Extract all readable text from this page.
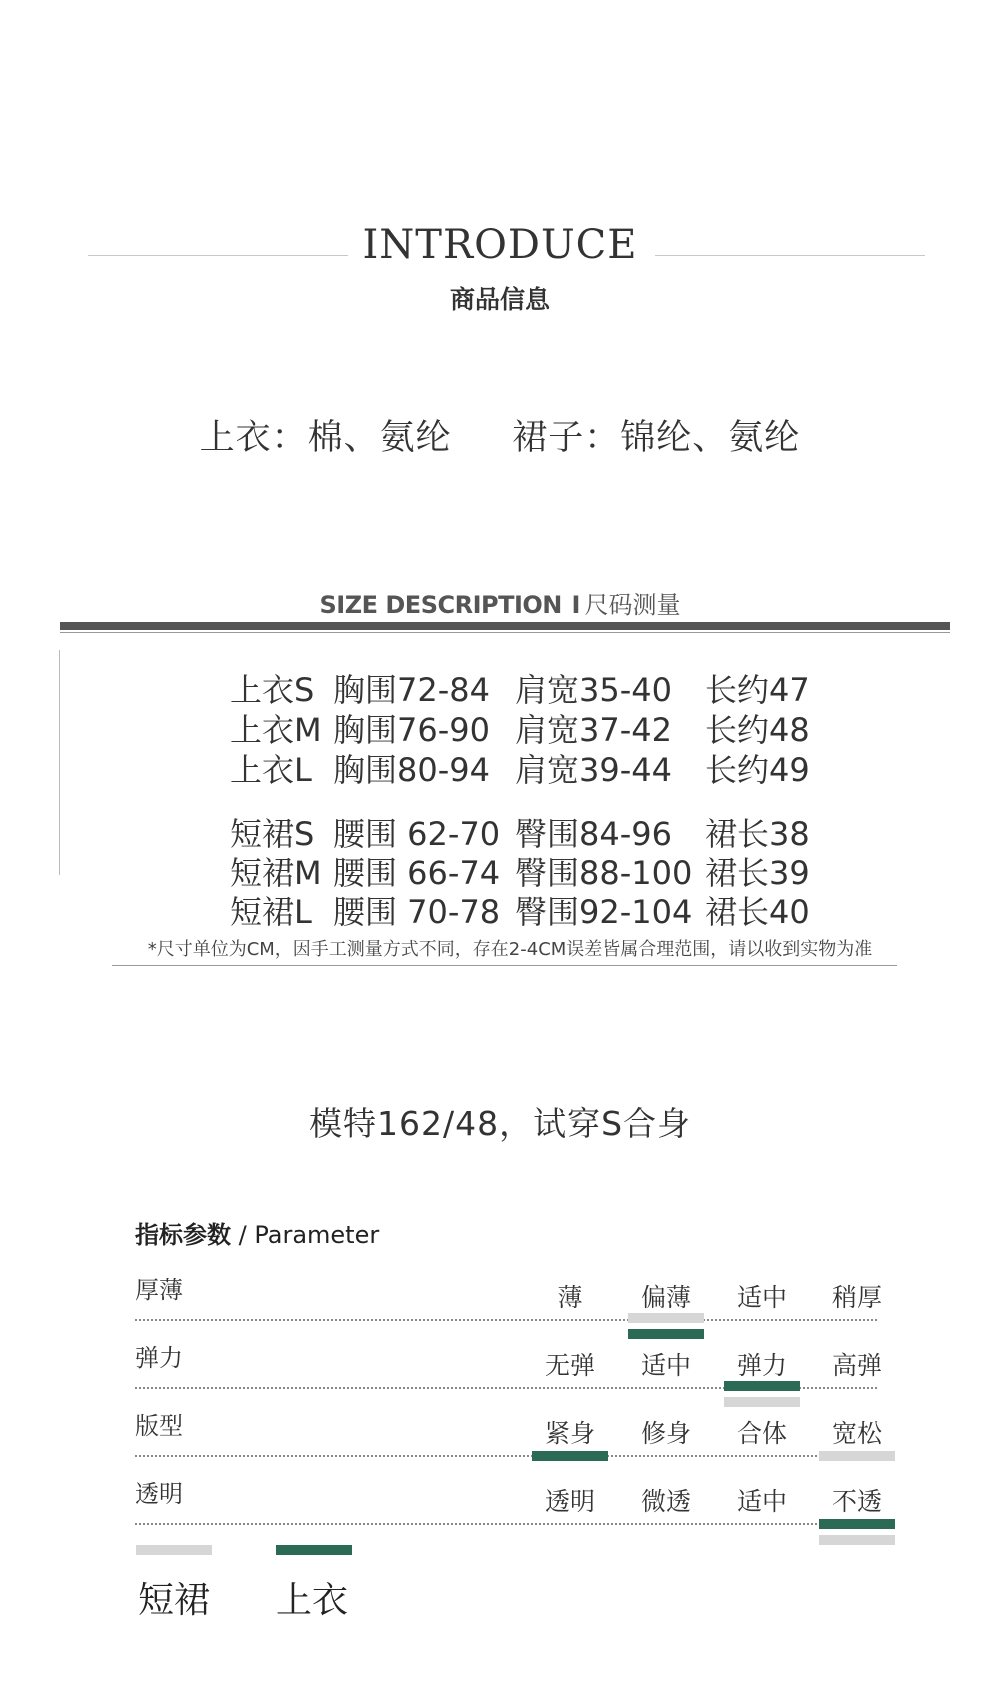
INTRODUCE
商品信息
上衣：棉、氨纶     裙子：锦纶、氨纶
SIZE DESCRIPTION I 尺码测量
上衣S 胸围72-84 肩宽35-40 长约47
上衣M 胸围76-90 肩宽37-42 长约48
上衣L 胸围80-94 肩宽39-44 长约49
短裙S 腰围 62-70 臀围84-96 裙长38
短裙M 腰围 66-74 臀围88-100 裙长39
短裙L 腰围 70-78 臀围92-104 裙长40
*尺寸单位为CM，因手工测量方式不同，存在2-4CM误差皆属合理范围，请以收到实物为准
模特162/48，试穿S合身
指标参数 / Parameter
厚薄	薄	偏薄	适中	稍厚
弹力	无弹	适中	弹力	高弹
版型	紧身	修身	合体	宽松
透明	透明	微透	适中	不透
短裙 上衣
